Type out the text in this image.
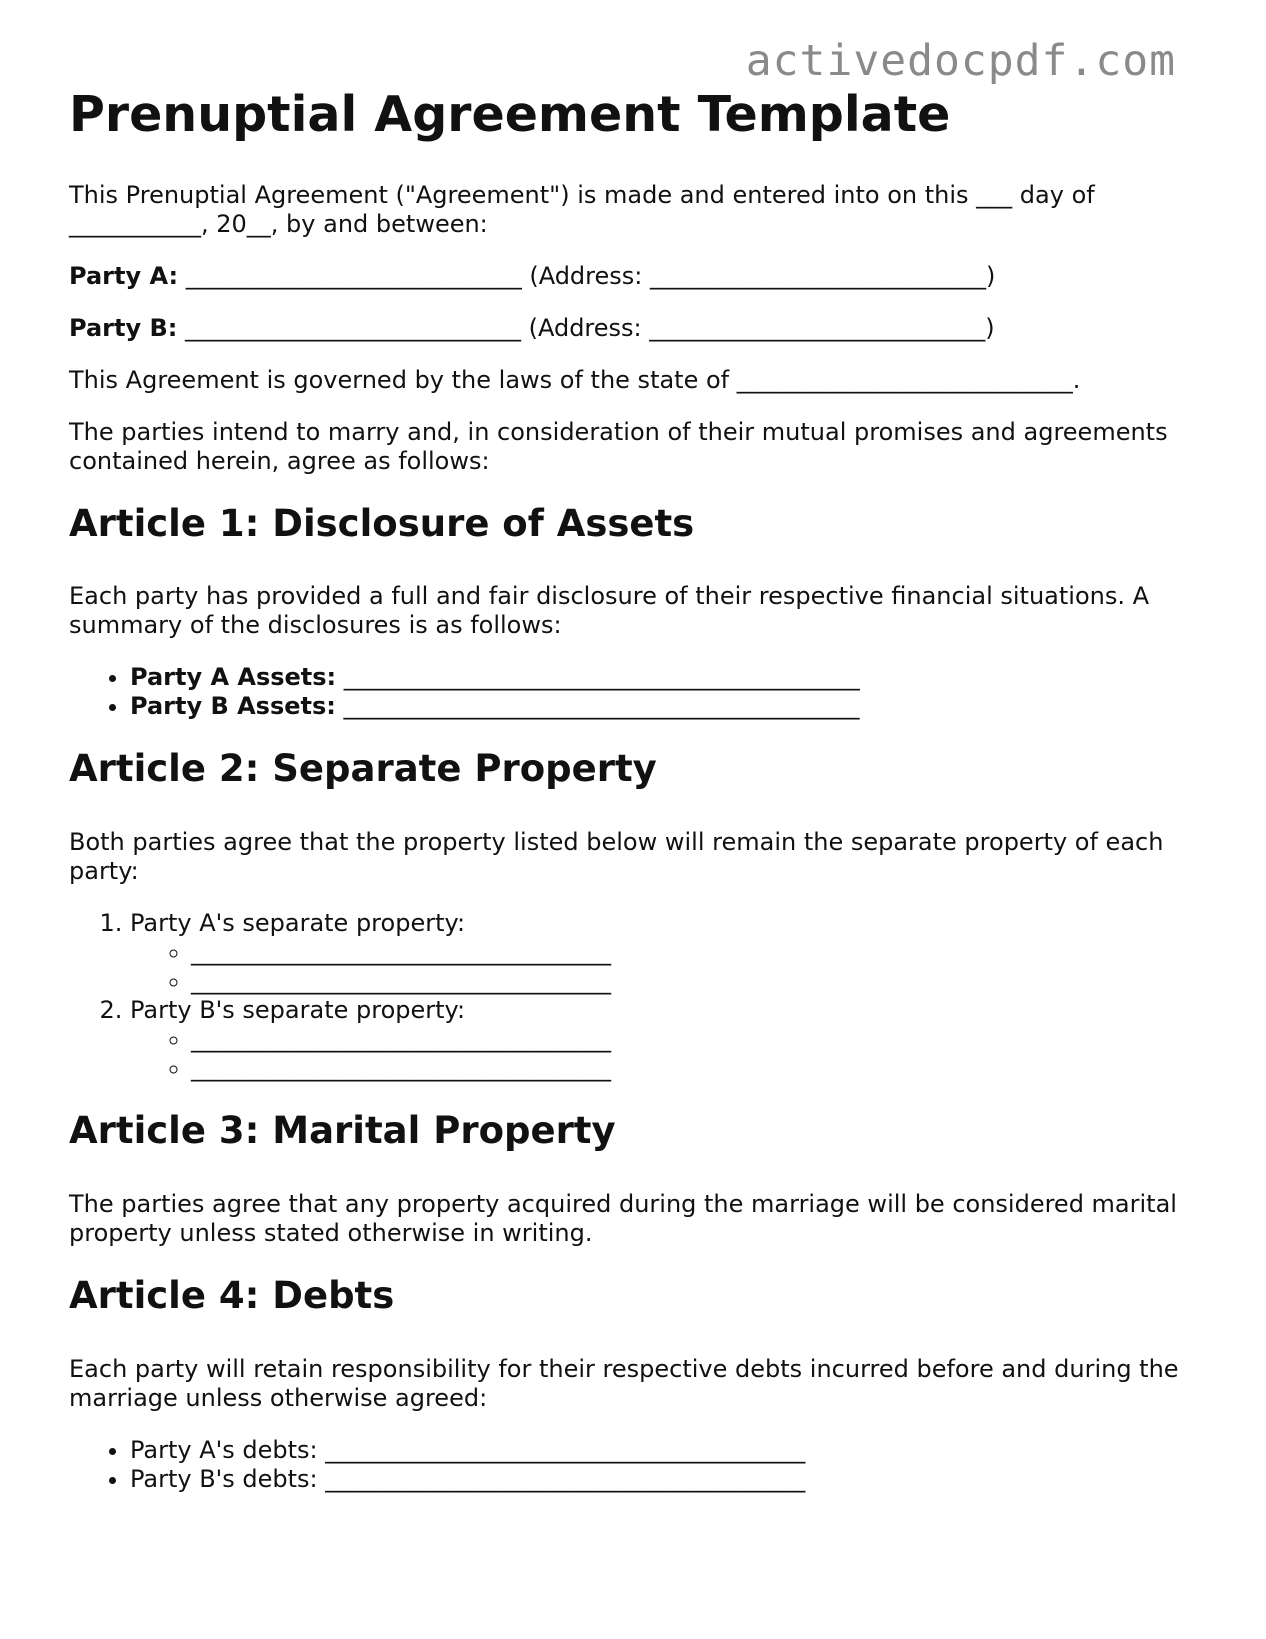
activedocpdf.com
Prenuptial Agreement Template

This Prenuptial Agreement ("Agreement") is made and entered into on this ___ day of ___________, 20__, by and between:

Party A: ____________________________ (Address: ____________________________)

Party B: ____________________________ (Address: ____________________________)

This Agreement is governed by the laws of the state of ____________________________.

The parties intend to marry and, in consideration of their mutual promises and agreements contained herein, agree as follows:

Article 1: Disclosure of Assets

Each party has provided a full and fair disclosure of their respective financial situations. A summary of the disclosures is as follows:

• Party A Assets: ___________________________________________
• Party B Assets: ___________________________________________
Article 2: Separate Property

Both parties agree that the property listed below will remain the separate property of each party:

1. Party A's separate property:
◦ ___________________________________
◦ ___________________________________
2. Party B's separate property:
◦ ___________________________________
◦ ___________________________________
Article 3: Marital Property

The parties agree that any property acquired during the marriage will be considered marital property unless stated otherwise in writing.

Article 4: Debts

Each party will retain responsibility for their respective debts incurred before and during the marriage unless otherwise agreed:

• Party A's debts: ________________________________________
• Party B's debts: ________________________________________
